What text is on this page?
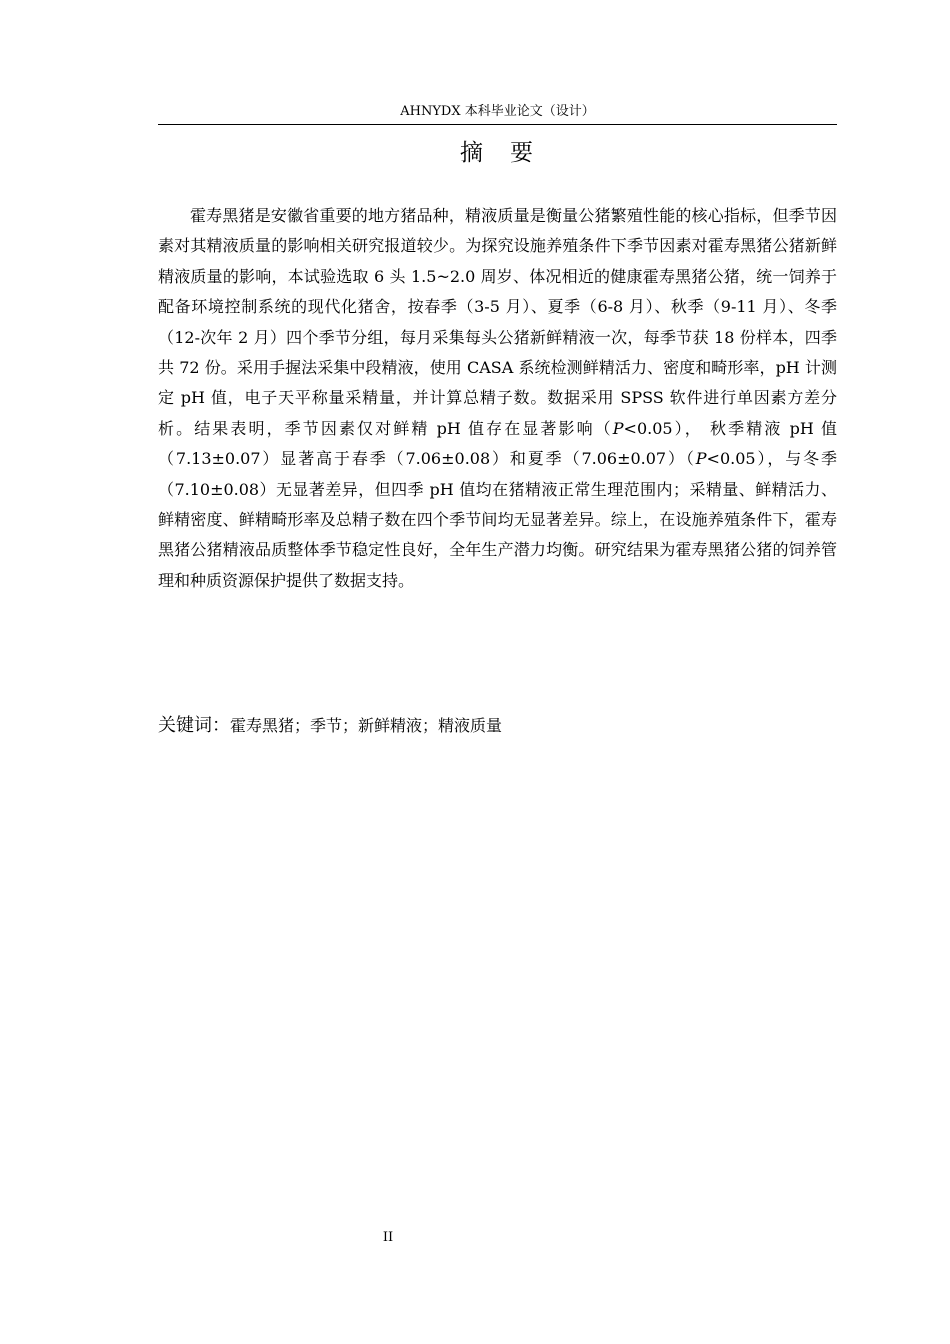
AHNYDX 本科毕业论文（设计）
摘　要

霍寿黑猪是安徽省重要的地方猪品种，精液质量是衡量公猪繁殖性能的核心指标，但季节因素对其精液质量的影响相关研究报道较少。为探究设施养殖条件下季节因素对霍寿黑猪公猪新鲜精液质量的影响，本试验选取 6 头 1.5~2.0 周岁、体况相近的健康霍寿黑猪公猪，统一饲养于配备环境控制系统的现代化猪舍，按春季（3-5 月）、夏季（6-8 月）、秋季（9-11 月）、冬季（12-次年 2 月）四个季节分组，每月采集每头公猪新鲜精液一次，每季节获 18 份样本，四季共 72 份。采用手握法采集中段精液，使用 CASA 系统检测鲜精活力、密度和畸形率，pH 计测定 pH 值，电子天平称量采精量，并计算总精子数。数据采用 SPSS 软件进行单因素方差分析。结果表明，季节因素仅对鲜精 pH 值存在显著影响（P<0.05）， 秋季精液 pH 值（7.13±0.07）显著高于春季（7.06±0.08）和夏季（7.06±0.07）（P<0.05），与冬季（7.10±0.08）无显著差异，但四季 pH 值均在猪精液正常生理范围内；采精量、鲜精活力、鲜精密度、鲜精畸形率及总精子数在四个季节间均无显著差异。综上，在设施养殖条件下，霍寿黑猪公猪精液品质整体季节稳定性良好，全年生产潜力均衡。研究结果为霍寿黑猪公猪的饲养管理和种质资源保护提供了数据支持。

关键词：霍寿黑猪；季节；新鲜精液；精液质量
II
